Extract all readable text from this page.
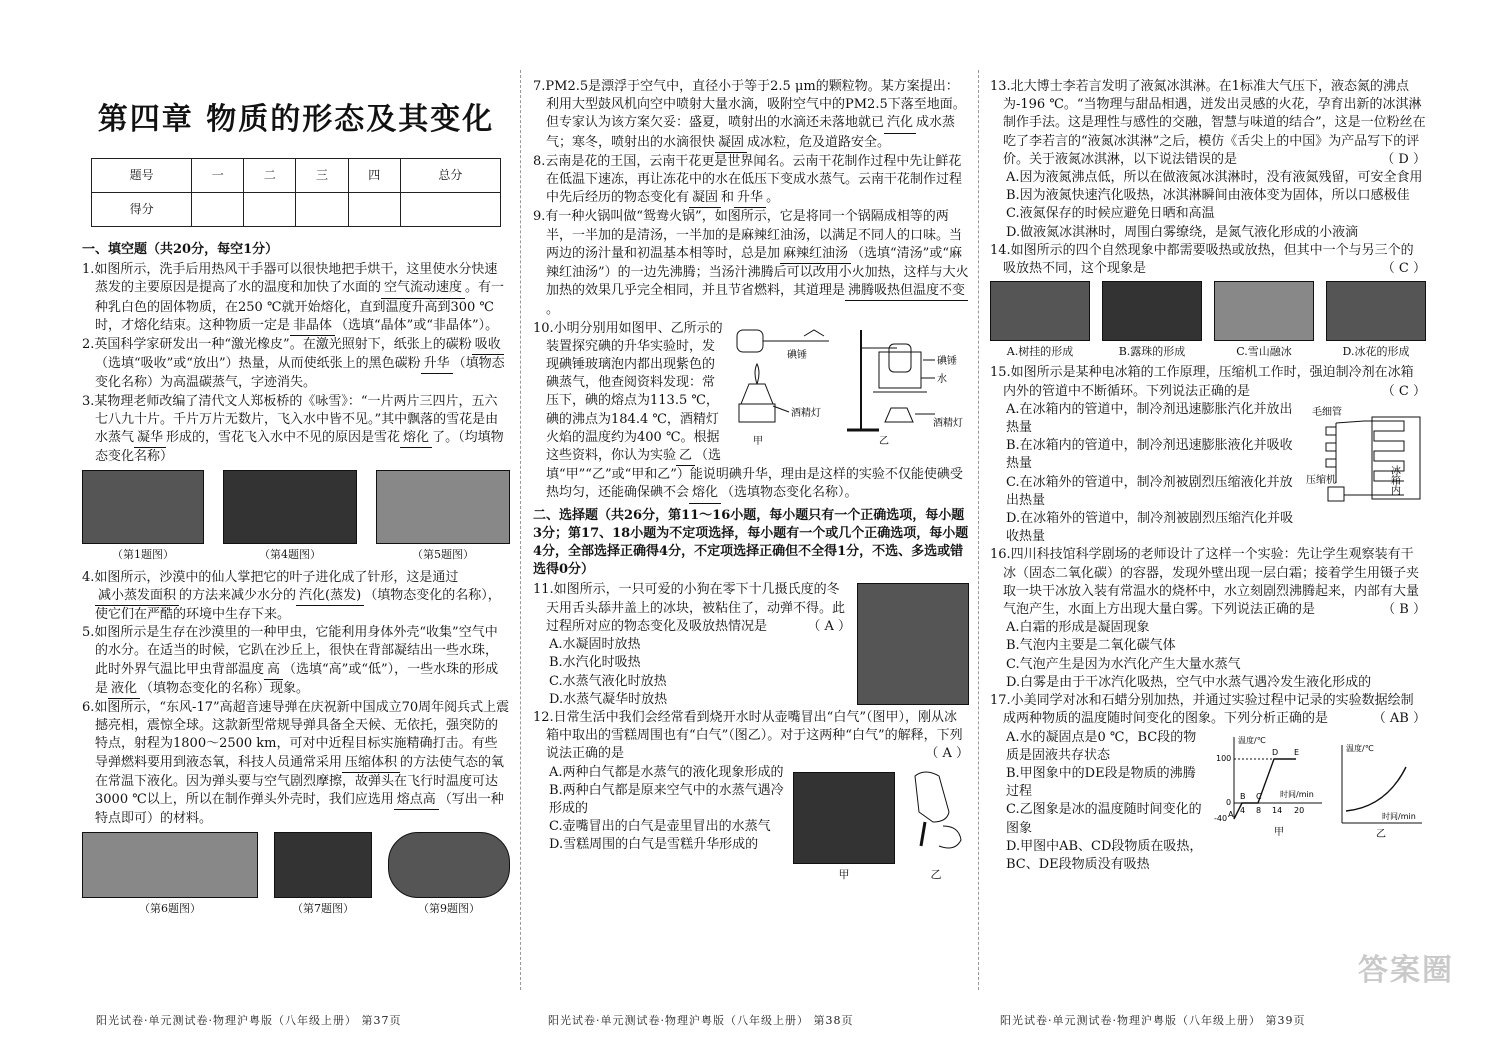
第四章 物质的形态及其变化
题号	一	二	三	四	总分
得分					
一、填空题（共20分，每空1分）

1.如图所示，洗手后用热风干手器可以很快地把手烘干，这里使水分快速蒸发的主要原因是提高了水的温度和加快了水面的 空气流动速度 。有一种乳白色的固体物质，在250 ℃就开始熔化，直到温度升高到300 ℃时，才熔化结束。这种物质一定是 非晶体 （选填“晶体”或“非晶体”）。

2.英国科学家研发出一种“激光橡皮”。在激光照射下，纸张上的碳粉 吸收（选填“吸收”或“放出”）热量，从而使纸张上的黑色碳粉 升华 （填物态变化名称）为高温碳蒸气，字迹消失。

3.某物理老师改编了清代文人郑板桥的《咏雪》：“一片两片三四片，五六七八九十片。千片万片无数片，飞入水中皆不见。”其中飘落的雪花是由水蒸气 凝华 形成的，雪花飞入水中不见的原因是雪花 熔化 了。（均填物态变化名称）

（第1题图）	（第4题图）	（第5题图）

4.如图所示，沙漠中的仙人掌把它的叶子进化成了针形，这是通过减小蒸发面积 的方法来减少水分的 汽化(蒸发) （填物态变化的名称），使它们在严酷的环境中生存下来。

5.如图所示是生存在沙漠里的一种甲虫，它能利用身体外壳“收集”空气中的水分。在适当的时候，它趴在沙丘上，很快在背部凝结出一些水珠，此时外界气温比甲虫背部温度 高 （选填“高”或“低”），一些水珠的形成是 液化 （填物态变化的名称）现象。

6.如图所示，“东风-17”高超音速导弹在庆祝新中国成立70周年阅兵式上震撼亮相，震惊全球。这款新型常规导弹具备全天候、无依托，强突防的特点，射程为1800～2500 km，可对中近程目标实施精确打击。有些导弹燃料要用到液态氧，科技人员通常采用 压缩体积 的方法使气态的氧在常温下液化。因为弹头要与空气剧烈摩擦，故弹头在飞行时温度可达3000 ℃以上，所以在制作弹头外壳时，我们应选用 熔点高 （写出一种特点即可）的材料。

（第6题图）	（第7题图）	（第9题图）

7.PM2.5是漂浮于空气中，直径小于等于2.5 μm的颗粒物。某方案提出：利用大型鼓风机向空中喷射大量水滴，吸附空气中的PM2.5下落至地面。但专家认为该方案欠妥：盛夏，喷射出的水滴还未落地就已 汽化 成水蒸气；寒冬，喷射出的水滴很快 凝固 成冰粒，危及道路安全。

8.云南是花的王国，云南干花更是世界闻名。云南干花制作过程中先让鲜花在低温下速冻，再让冻花中的水在低压下变成水蒸气。云南干花制作过程中先后经历的物态变化有 凝固 和 升华 。

9.有一种火锅叫做“鸳鸯火锅”，如图所示，它是将同一个锅隔成相等的两半，一半加的是清汤，一半加的是麻辣红油汤，以满足不同人的口味。当两边的汤汁量和初温基本相等时，总是加 麻辣红油汤 （选填“清汤”或“麻辣红油汤”）的一边先沸腾；当汤汁沸腾后可以改用小火加热，这样与大火加热的效果几乎完全相同，并且节省燃料，其道理是 沸腾吸热但温度不变。

碘锤
酒精灯
甲
碘锤
水
酒精灯
乙

10.小明分别用如图甲、乙所示的装置探究碘的升华实验时，发现碘锤玻璃泡内都出现紫色的碘蒸气，他查阅资料发现：常压下，碘的熔点为113.5 ℃，碘的沸点为184.4 ℃，酒精灯火焰的温度约为400 ℃。根据这些资料，你认为实验 乙 （选填“甲”“乙”或“甲和乙”）能说明碘升华，理由是这样的实验不仅能使碘受热均匀，还能确保碘不会 熔化 （选填物态变化名称）。

二、选择题（共26分，第11～16小题，每小题只有一个正确选项，每小题3分；第17、18小题为不定项选择，每小题有一个或几个正确选项，每小题4分，全部选择正确得4分，不定项选择正确但不全得1分，不选、多选或错选得0分）

11.如图所示，一只可爱的小狗在零下十几摄氏度的冬天用舌头舔井盖上的冰块，被粘住了，动弹不得。此过程所对应的物态变化及吸放热情况是	（ A ）

A.水凝固时放热

B.水汽化时吸热

C.水蒸气液化时放热

D.水蒸气凝华时放热

12.日常生活中我们会经常看到烧开水时从壶嘴冒出“白气”（图甲），刚从冰箱中取出的雪糕周围也有“白气”（图乙）。对于这两种“白气”的解释，下列说法正确的是	（ A ）

甲	乙

A.两种白气都是水蒸气的液化现象形成的

B.两种白气都是原来空气中的水蒸气遇冷形成的

C.壶嘴冒出的白气是壶里冒出的水蒸气

D.雪糕周围的白气是雪糕升华形成的

13.北大博士李若言发明了液氮冰淇淋。在1标准大气压下，液态氮的沸点为-196 ℃。“当物理与甜品相遇，迸发出灵感的火花，孕育出新的冰淇淋制作手法。这是理性与感性的交融，智慧与味道的结合”，这是一位粉丝在吃了李若言的“液氮冰淇淋”之后，模仿《舌尖上的中国》为产品写下的评价。关于液氮冰淇淋，以下说法错误的是	（ D ）

A.因为液氮沸点低，所以在做液氮冰淇淋时，没有液氮残留，可安全食用

B.因为液氮快速汽化吸热，冰淇淋瞬间由液体变为固体，所以口感极佳

C.液氮保存的时候应避免日晒和高温

D.做液氮冰淇淋时，周围白雾缭绕，是氮气液化形成的小液滴

14.如图所示的四个自然现象中都需要吸热或放热，但其中一个与另三个的吸放热不同，这个现象是	（ C ）

A.树挂的形成	B.露珠的形成	C.雪山融冰	D.冰花的形成

15.如图所示是某种电冰箱的工作原理，压缩机工作时，强迫制冷剂在冰箱内外的管道中不断循环。下列说法正确的是	（ C ）

毛细管
冰箱内
压缩机

A.在冰箱内的管道中，制冷剂迅速膨胀汽化并放出热量

B.在冰箱内的管道中，制冷剂迅速膨胀液化并吸收热量

C.在冰箱外的管道中，制冷剂被剧烈压缩液化并放出热量

D.在冰箱外的管道中，制冷剂被剧烈压缩汽化并吸收热量

16.四川科技馆科学剧场的老师设计了这样一个实验：先让学生观察装有干冰（固态二氧化碳）的容器，发现外壁出现一层白霜；接着学生用镊子夹取一块干冰放入装有常温水的烧杯中，水立刻剧烈沸腾起来，内部有大量气泡产生，水面上方出现大量白雾。下列说法正确的是	（ B ）

A.白霜的形成是凝固现象

B.气泡内主要是二氧化碳气体

C.气泡产生是因为水汽化产生大量水蒸气

D.白雾是由于干冰汽化吸热，空气中水蒸气遇冷发生液化形成的

17.小美同学对冰和石蜡分别加热，并通过实验过程中记录的实验数据绘制成两种物质的温度随时间变化的图象。下列分析正确的是	（ AB ）

温度/℃
时间/min
100
0
-40 A
B C
D E
4 8 14 20
甲
温度/℃
时间/min
乙

A.水的凝固点是0 ℃，BC段的物质是固液共存状态

B.甲图象中的DE段是物质的沸腾过程

C.乙图象是冰的温度随时间变化的图象

D.甲图中AB、CD段物质在吸热，BC、DE段物质没有吸热

阳光试卷·单元测试卷·物理沪粤版（八年级上册） 第37页	阳光试卷·单元测试卷·物理沪粤版（八年级上册） 第38页	阳光试卷·单元测试卷·物理沪粤版（八年级上册） 第39页
答案圈
